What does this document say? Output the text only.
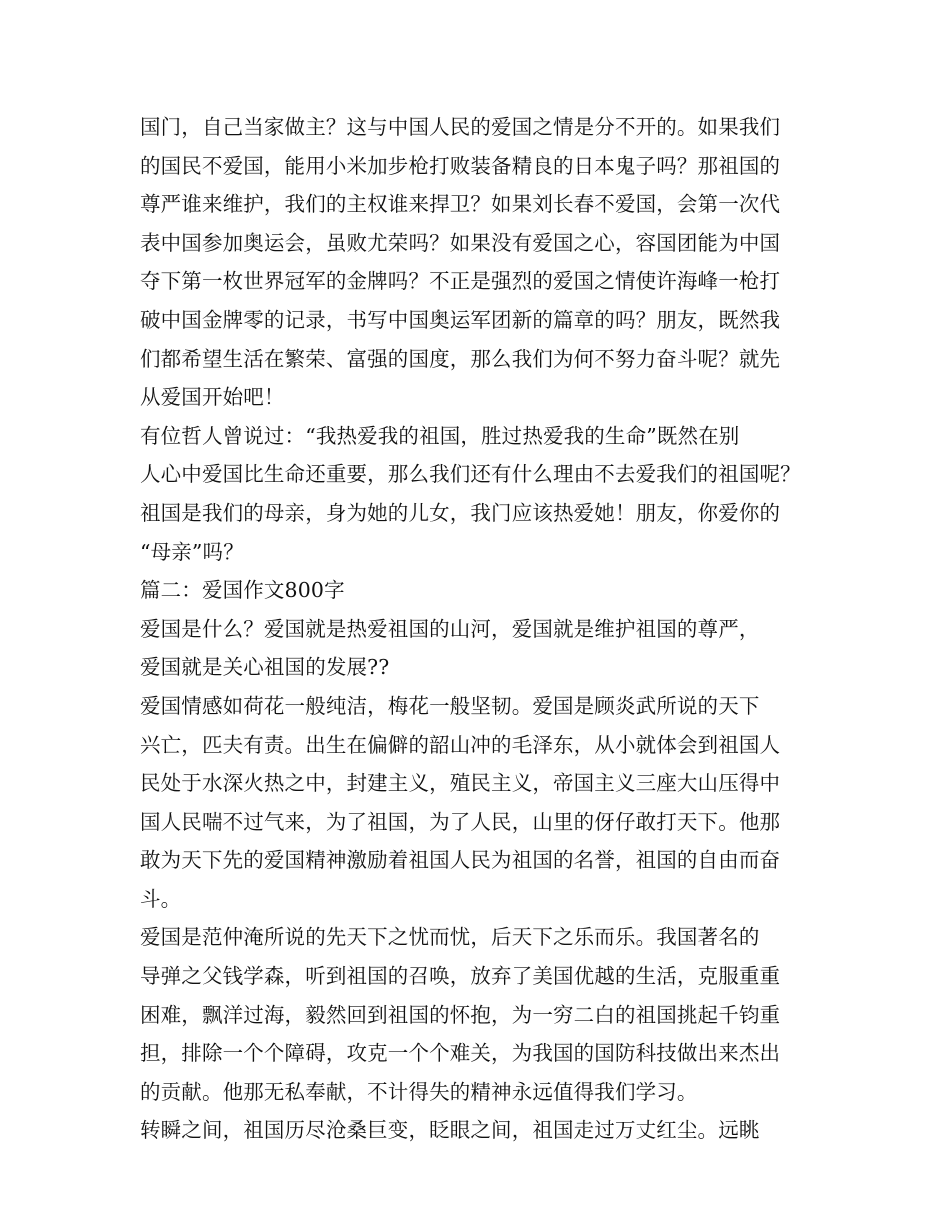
国门，自己当家做主？这与中国人民的爱国之情是分不开的。如果我们
的国民不爱国，能用小米加步枪打败装备精良的日本鬼子吗？那祖国的
尊严谁来维护，我们的主权谁来捍卫？如果刘长春不爱国，会第一次代
表中国参加奥运会，虽败尤荣吗？如果没有爱国之心，容国团能为中国
夺下第一枚世界冠军的金牌吗？不正是强烈的爱国之情使许海峰一枪打
破中国金牌零的记录，书写中国奥运军团新的篇章的吗？朋友，既然我
们都希望生活在繁荣、富强的国度，那么我们为何不努力奋斗呢？就先
从爱国开始吧！
有位哲人曾说过：“我热爱我的祖国，胜过热爱我的生命”既然在别
人心中爱国比生命还重要，那么我们还有什么理由不去爱我们的祖国呢？
祖国是我们的母亲，身为她的儿女，我门应该热爱她！朋友，你爱你的
“母亲”吗？
篇二：爱国作文800字
爱国是什么？爱国就是热爱祖国的山河，爱国就是维护祖国的尊严，
爱国就是关心祖国的发展??
爱国情感如荷花一般纯洁，梅花一般坚韧。爱国是顾炎武所说的天下
兴亡，匹夫有责。出生在偏僻的韶山冲的毛泽东，从小就体会到祖国人
民处于水深火热之中，封建主义，殖民主义，帝国主义三座大山压得中
国人民喘不过气来，为了祖国，为了人民，山里的伢仔敢打天下。他那
敢为天下先的爱国精神激励着祖国人民为祖国的名誉，祖国的自由而奋
斗。
爱国是范仲淹所说的先天下之忧而忧，后天下之乐而乐。我国著名的
导弹之父钱学森，听到祖国的召唤，放弃了美国优越的生活，克服重重
困难，飘洋过海，毅然回到祖国的怀抱，为一穷二白的祖国挑起千钧重
担，排除一个个障碍，攻克一个个难关，为我国的国防科技做出来杰出
的贡献。他那无私奉献，不计得失的精神永远值得我们学习。
转瞬之间，祖国历尽沧桑巨变，眨眼之间，祖国走过万丈红尘。远眺
